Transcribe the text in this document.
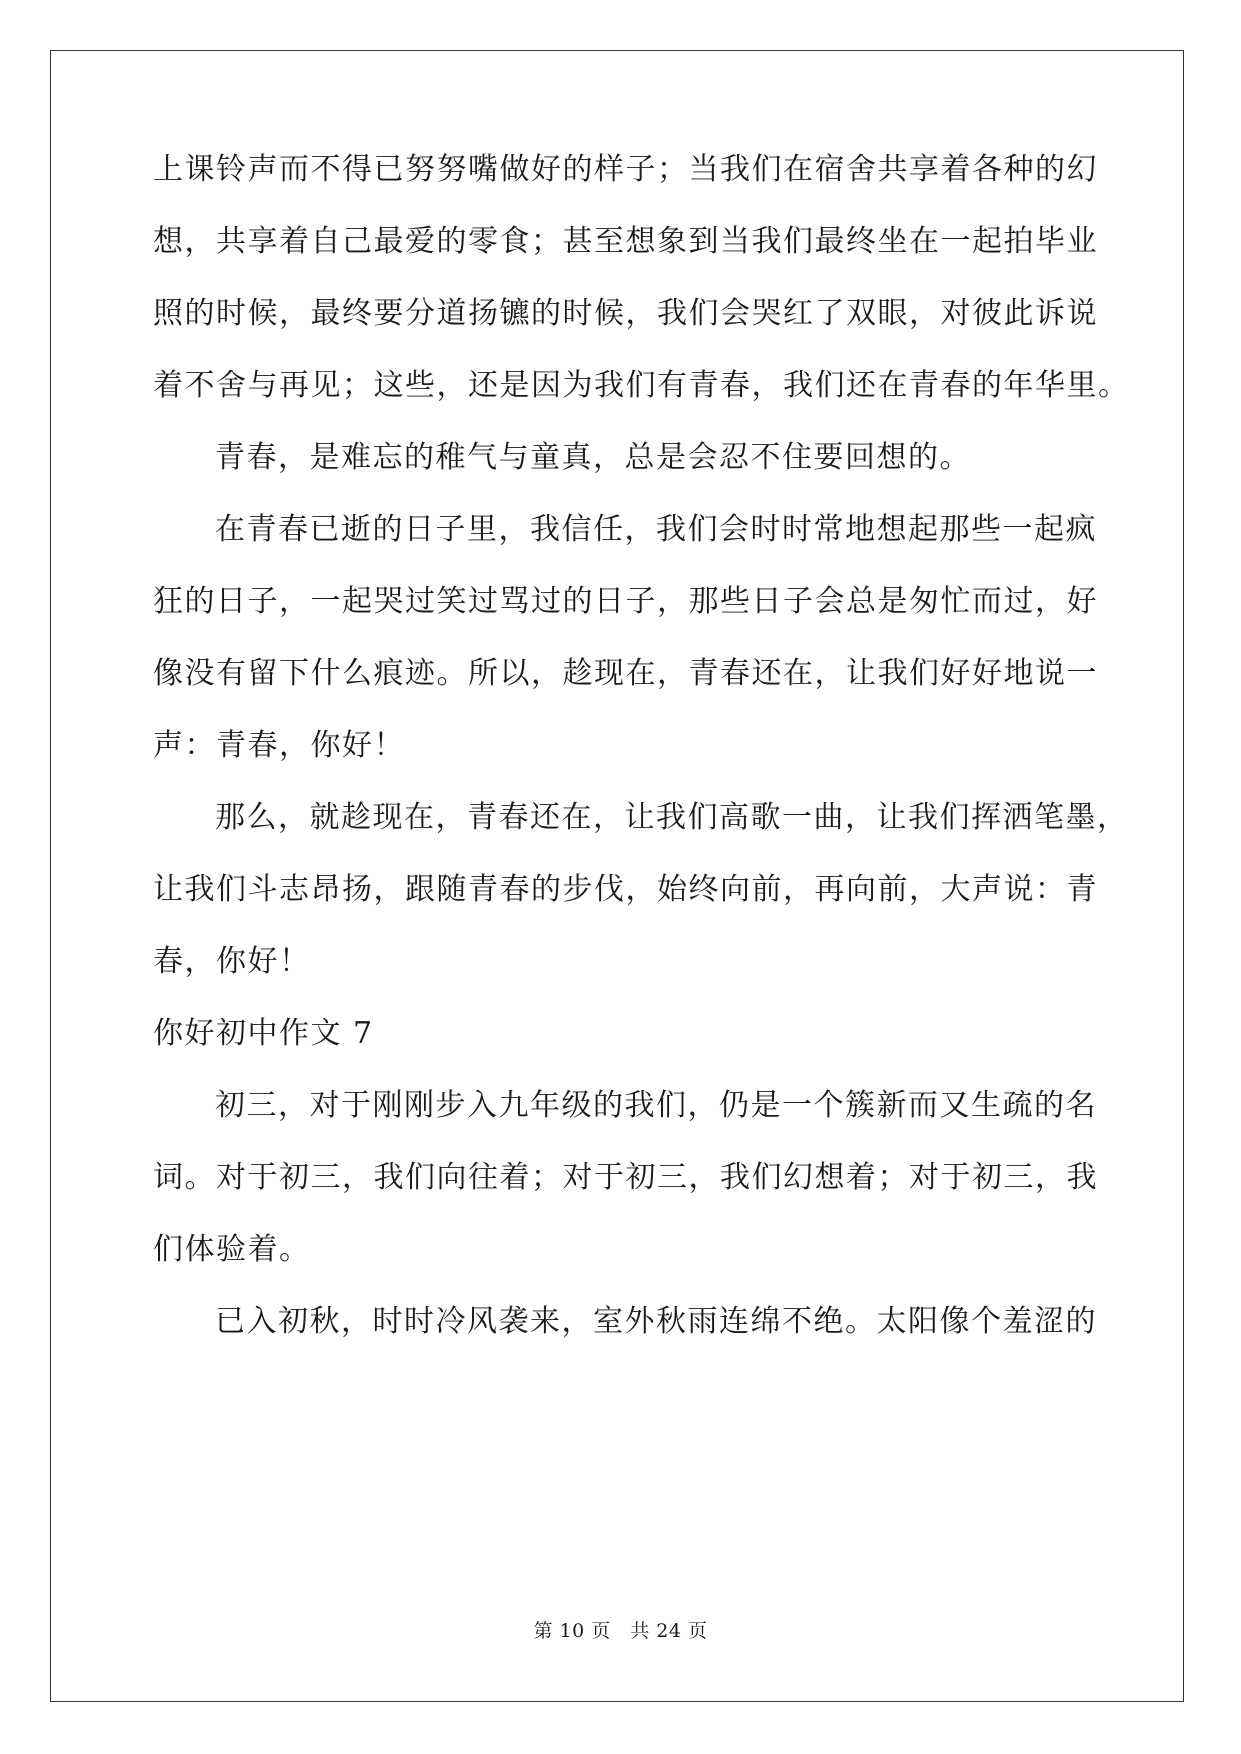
上课铃声而不得已努努嘴做好的样子；当我们在宿舍共享着各种的幻
想，共享着自己最爱的零食；甚至想象到当我们最终坐在一起拍毕业
照的时候，最终要分道扬镳的时候，我们会哭红了双眼，对彼此诉说
着不舍与再见；这些，还是因为我们有青春，我们还在青春的年华里。
青春，是难忘的稚气与童真，总是会忍不住要回想的。
在青春已逝的日子里，我信任，我们会时时常地想起那些一起疯
狂的日子，一起哭过笑过骂过的日子，那些日子会总是匆忙而过，好
像没有留下什么痕迹。所以，趁现在，青春还在，让我们好好地说一
声：青春，你好！
那么，就趁现在，青春还在，让我们高歌一曲，让我们挥洒笔墨，
让我们斗志昂扬，跟随青春的步伐，始终向前，再向前，大声说：青
春，你好！
你好初中作文 7
初三，对于刚刚步入九年级的我们，仍是一个簇新而又生疏的名
词。对于初三，我们向往着；对于初三，我们幻想着；对于初三，我
们体验着。
已入初秋，时时冷风袭来，室外秋雨连绵不绝。太阳像个羞涩的
第 10 页　共 24 页
